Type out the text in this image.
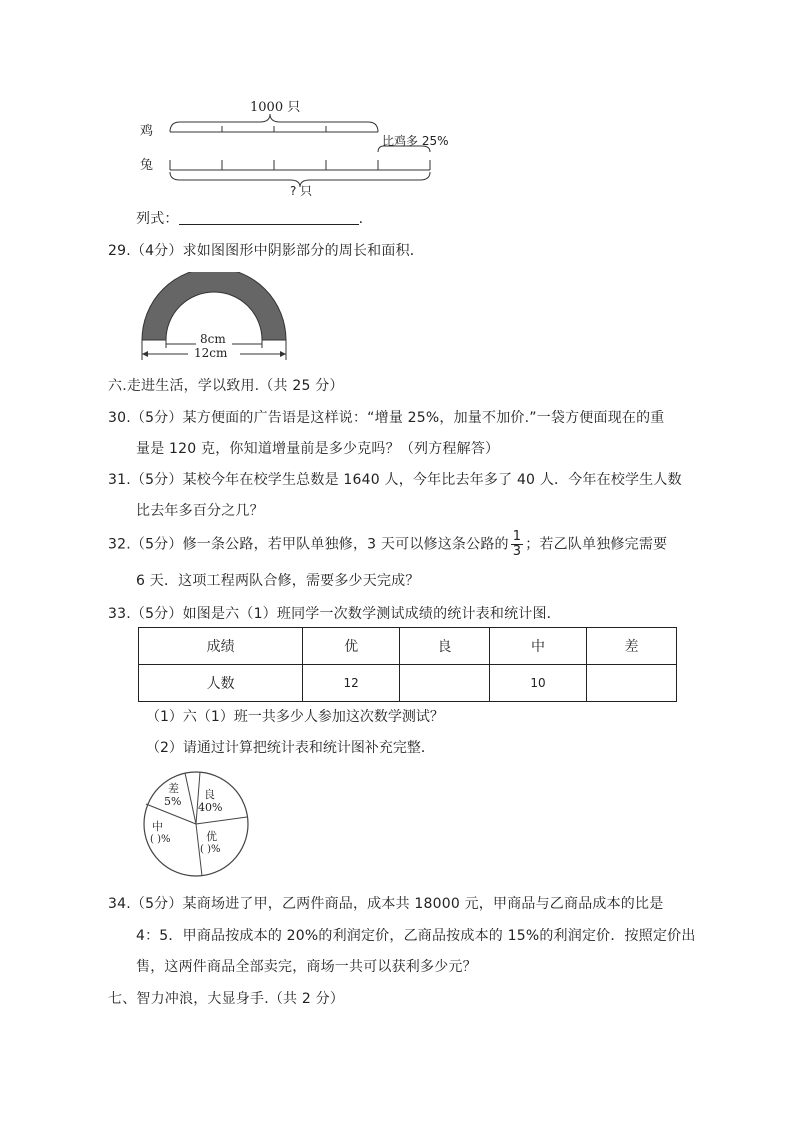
鸡
兔
1000 只
比鸡多 25%
? 只
列式：	.
29.（4分）求如图图形中阴影部分的周长和面积．
8cm
12cm
六.走进生活，学以致用.（共 25 分）
30.（5分）某方便面的广告语是这样说：“增量 25%，加量不加价.”一袋方便面现在的重
量是 120 克，你知道增量前是多少克吗？（列方程解答）
31.（5分）某校今年在校学生总数是 1640 人，今年比去年多了 40 人．今年在校学生人数
比去年多百分之几？
32.（5分）修一条公路，若甲队单独修，3 天可以修这条公路的 $\frac{1}{3}$ ；若乙队单独修完需要
6 天．这项工程两队合修，需要多少天完成？
33.（5分）如图是六（1）班同学一次数学测试成绩的统计表和统计图．
成绩	优	良	中	差
人数	12		10	
（1）六（1）班一共多少人参加这次数学测试？
（2）请通过计算把统计表和统计图补充完整．
差
5%
良
40%
中
( )%	优
( )%
34.（5分）某商场进了甲，乙两件商品，成本共 18000 元，甲商品与乙商品成本的比是
4：5．甲商品按成本的 20%的利润定价，乙商品按成本的 15%的利润定价．按照定价出
售，这两件商品全部卖完，商场一共可以获利多少元？
七、智力冲浪，大显身手.（共 2 分）
